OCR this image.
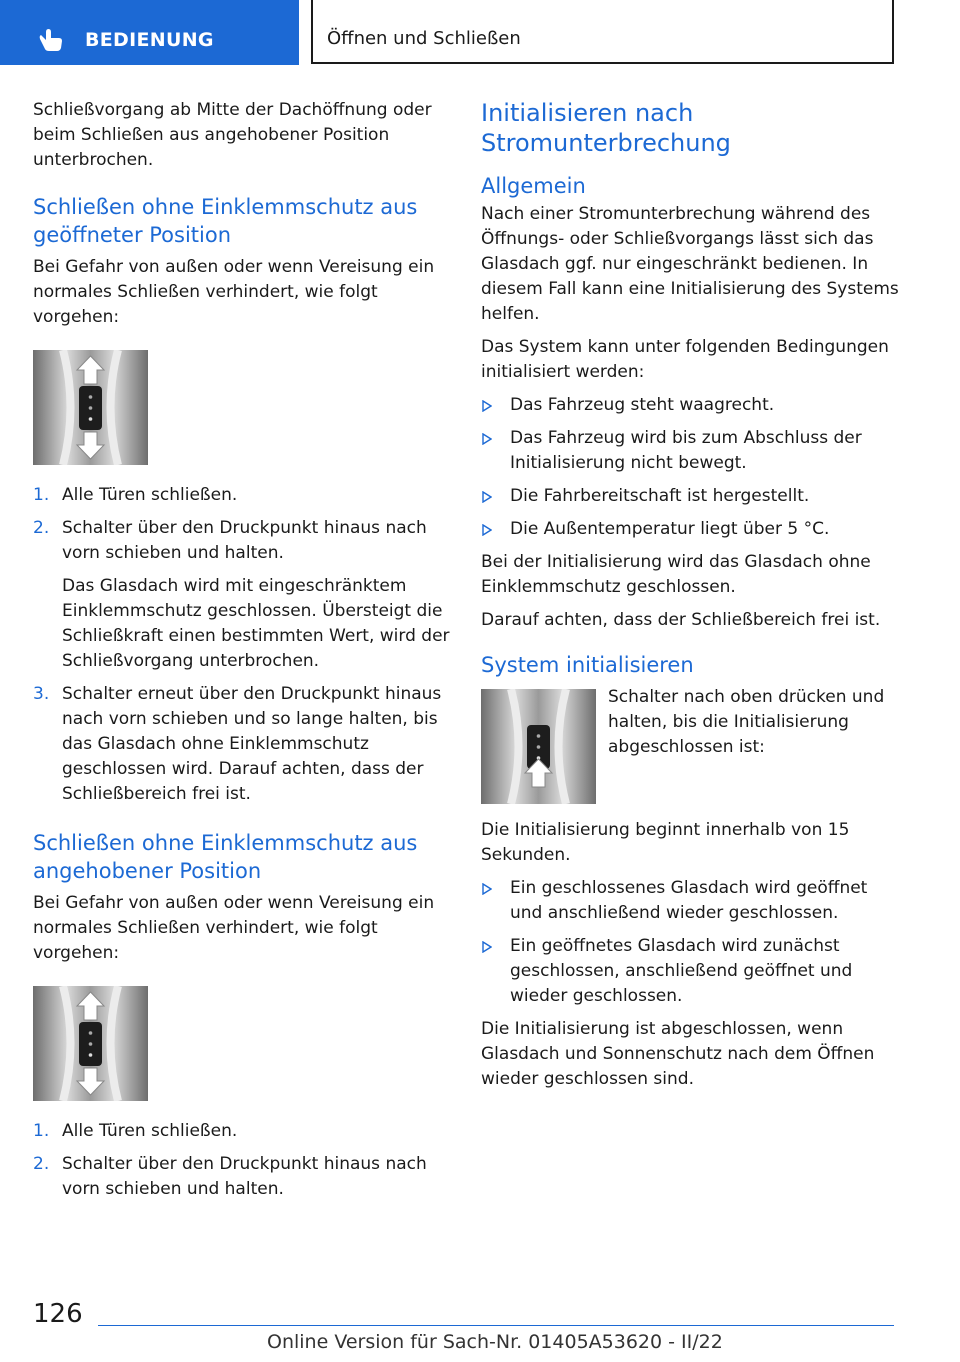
BEDIENUNG	Öffnen und Schließen

Schließvorgang ab Mitte der Dachöffnung oder beim Schließen aus angehobener Position unterbrochen.

Schließen ohne Einklemmschutz aus geöffneter Position

Bei Gefahr von außen oder wenn Vereisung ein normales Schließen verhindert, wie folgt vorgehen:

1. Alle Türen schließen.
2. Schalter über den Druckpunkt hinaus nach vorn schieben und halten.
Das Glasdach wird mit eingeschränktem Einklemmschutz geschlossen. Übersteigt die Schließkraft einen bestimmten Wert, wird der Schließvorgang unterbrochen.
3. Schalter erneut über den Druckpunkt hinaus nach vorn schieben und so lange halten, bis das Glasdach ohne Einklemmschutz geschlossen wird. Darauf achten, dass der Schließbereich frei ist.
Schließen ohne Einklemmschutz aus angehobener Position

Bei Gefahr von außen oder wenn Vereisung ein normales Schließen verhindert, wie folgt vorgehen:

1. Alle Türen schließen.
2. Schalter über den Druckpunkt hinaus nach vorn schieben und halten.
Initialisieren nach Stromunterbrechung
Allgemein

Nach einer Stromunterbrechung während des Öffnungs- oder Schließvorgangs lässt sich das Glasdach ggf. nur eingeschränkt bedienen. In diesem Fall kann eine Initialisierung des Systems helfen.

Das System kann unter folgenden Bedingungen initialisiert werden:

Das Fahrzeug steht waagrecht.
Das Fahrzeug wird bis zum Abschluss der Initialisierung nicht bewegt.
Die Fahrbereitschaft ist hergestellt.
Die Außentemperatur liegt über 5 °C.

Bei der Initialisierung wird das Glasdach ohne Einklemmschutz geschlossen.

Darauf achten, dass der Schließbereich frei ist.

System initialisieren

Schalter nach oben drücken und halten, bis die Initialisierung abgeschlossen ist:

Die Initialisierung beginnt innerhalb von 15 Sekunden.

Ein geschlossenes Glasdach wird geöffnet und anschließend wieder geschlossen.
Ein geöffnetes Glasdach wird zunächst geschlossen, anschließend geöffnet und wieder geschlossen.

Die Initialisierung ist abgeschlossen, wenn Glasdach und Sonnenschutz nach dem Öffnen wieder geschlossen sind.

126
Online Version für Sach-Nr. 01405A53620 - II/22
